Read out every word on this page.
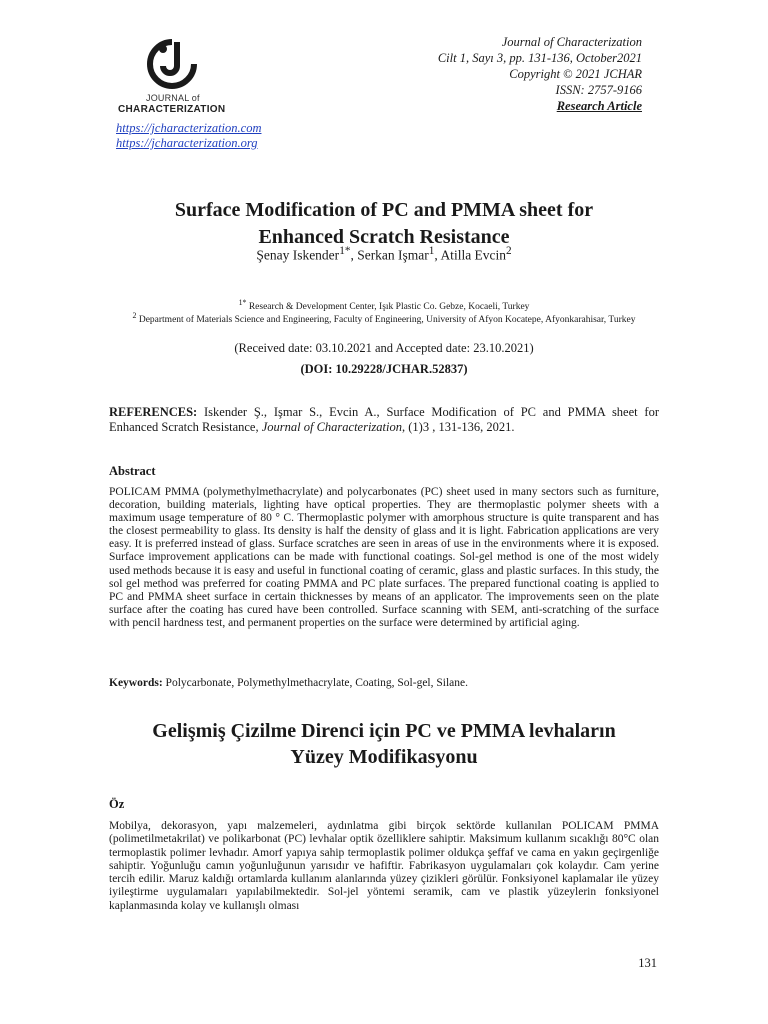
JOURNAL of
CHARACTERIZATION
https://jcharacterization.com
https://jcharacterization.org
Journal of Characterization
Cilt 1, Sayı 3, pp. 131-136, October2021
Copyright © 2021 JCHAR
ISSN: 2757-9166
Research Article
Surface Modification of PC and PMMA sheet for
Enhanced Scratch Resistance
Şenay Iskender$^{1*}$, Serkan Işmar$^1$, Atilla Evcin$^2$
$^{1*}$ Research & Development Center, Işık Plastic Co. Gebze, Kocaeli, Turkey
$^2$ Department of Materials Science and Engineering, Faculty of Engineering, University of Afyon Kocatepe, Afyonkarahisar, Turkey
(Received date: 03.10.2021 and Accepted date: 23.10.2021)
(DOI: 10.29228/JCHAR.52837)
REFERENCES: Iskender Ş., Işmar S., Evcin A., Surface Modification of PC and PMMA sheet for Enhanced Scratch Resistance, Journal of Characterization, (1)3 , 131-136, 2021.
Abstract
POLICAM PMMA (polymethylmethacrylate) and polycarbonates (PC) sheet used in many sectors such as furniture, decoration, building materials, lighting have optical properties. They are thermoplastic polymer sheets with a maximum usage temperature of 80 ° C. Thermoplastic polymer with amorphous structure is quite transparent and has the closest permeability to glass. Its density is half the density of glass and it is light. Fabrication applications are very easy. It is preferred instead of glass. Surface scratches are seen in areas of use in the environments where it is exposed. Surface improvement applications can be made with functional coatings. Sol-gel method is one of the most widely used methods because it is easy and useful in functional coating of ceramic, glass and plastic surfaces. In this study, the sol gel method was preferred for coating PMMA and PC plate surfaces. The prepared functional coating is applied to PC and PMMA sheet surface in certain thicknesses by means of an applicator. The improvements seen on the plate surface after the coating has cured have been controlled. Surface scanning with SEM, anti-scratching of the surface with pencil hardness test, and permanent properties on the surface were determined by artificial aging.
Keywords: Polycarbonate, Polymethylmethacrylate, Coating, Sol-gel, Silane.
Gelişmiş Çizilme Direnci için PC ve PMMA levhaların
Yüzey Modifikasyonu
Öz
Mobilya, dekorasyon, yapı malzemeleri, aydınlatma gibi birçok sektörde kullanılan POLICAM PMMA (polimetilmetakrilat) ve polikarbonat (PC) levhalar optik özelliklere sahiptir. Maksimum kullanım sıcaklığı 80°C olan termoplastik polimer levhadır. Amorf yapıya sahip termoplastik polimer oldukça şeffaf ve cama en yakın geçirgenliğe sahiptir. Yoğunluğu camın yoğunluğunun yarısıdır ve hafiftir. Fabrikasyon uygulamaları çok kolaydır. Cam yerine tercih edilir. Maruz kaldığı ortamlarda kullanım alanlarında yüzey çizikleri görülür. Fonksiyonel kaplamalar ile yüzey iyileştirme uygulamaları yapılabilmektedir. Sol-jel yöntemi seramik, cam ve plastik yüzeylerin fonksiyonel kaplanmasında kolay ve kullanışlı olması
131
